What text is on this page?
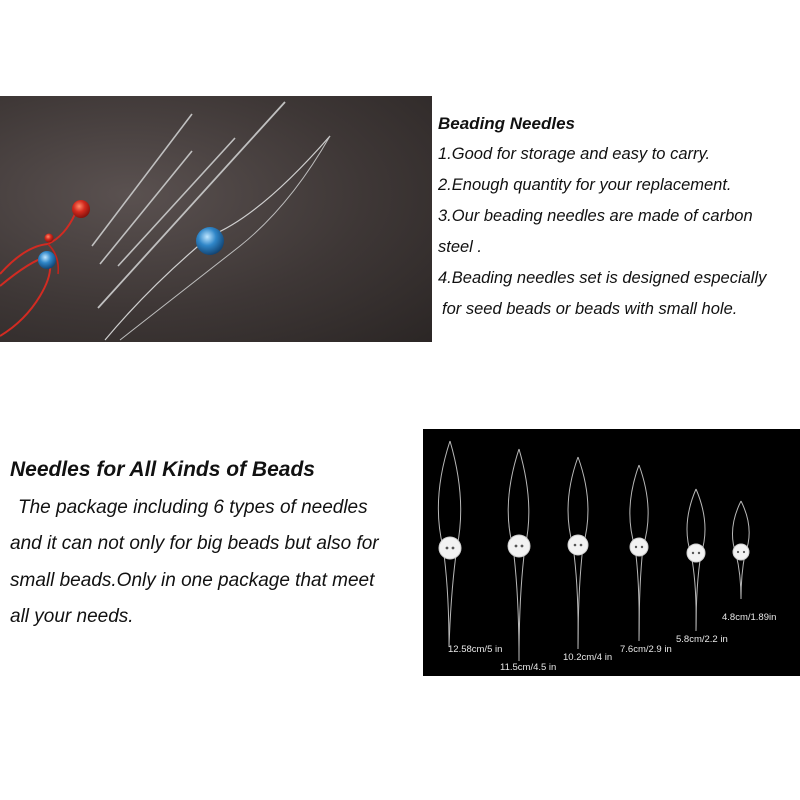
Beading Needles
1.Good for storage and easy to carry.
2.Enough quantity for your replacement.
3.Our beading needles are made of carbon
steel .
4.Beading needles set is designed especially
for seed beads or beads with small hole.
Needles for All Kinds of Beads
The package including 6 types of needles
and it can not only for big beads but also for
small beads.Only in one package that meet
all your needs.
12.58cm/5 in
11.5cm/4.5 in
10.2cm/4 in
7.6cm/2.9 in
5.8cm/2.2 in
4.8cm/1.89in
